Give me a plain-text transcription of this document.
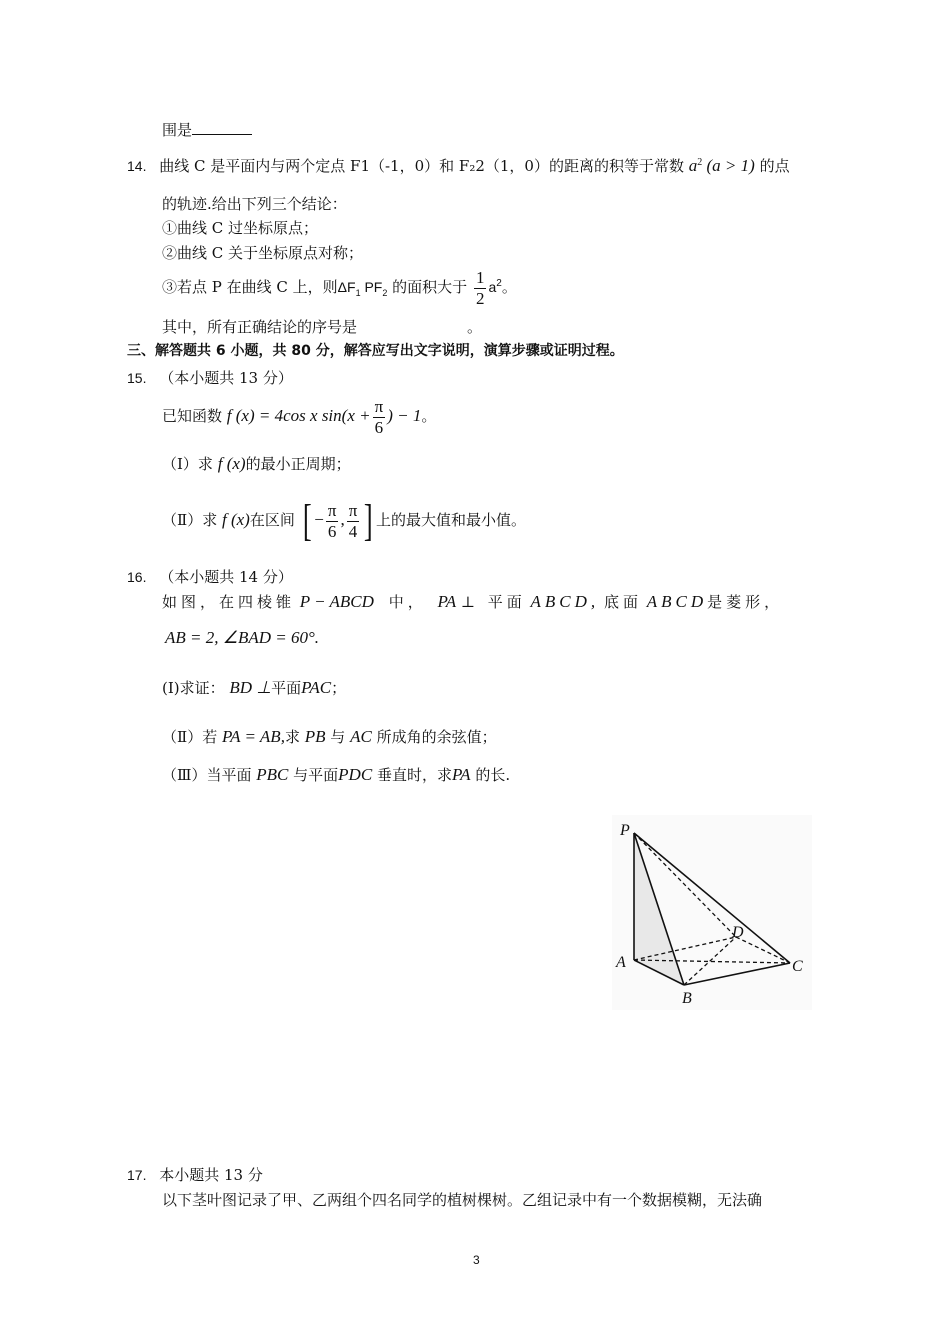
围是
14. 曲线 C 是平面内与两个定点 F1（-1，0）和 F₂2（1，0）的距离的积等于常数 $a^2$ (a > 1) 的点
的轨迹.给出下列三个结论：
①曲线 C 过坐标原点；
②曲线 C 关于坐标原点对称；
③若点 P 在曲线 C 上，则$\Delta F_1$ $PF_2$ 的面积大于 $\frac{1}{2} a^2$。
其中，所有正确结论的序号是	。
三、解答题共 6 小题，共 80 分，解答应写出文字说明，演算步骤或证明过程。
15. （本小题共 13 分）
已知函数 f (x) = 4cos x $\sin(x + \frac{\pi}{6}$ ) − 1。
（Ⅰ）求 f (x)的最小正周期；
（Ⅱ）求 f (x)在区间 [ − $\frac{\pi}{6}$ , $\frac{\pi}{4}$ ] 上的最大值和最小值。
16. （本小题共 14 分）
如图，在四棱锥 P − ABCD 中， PA ⊥ 平面 ABCD, 底面 ABCD是菱形，
AB = 2, ∠BAD = 60°.
(Ⅰ)求证： BD ⊥平面PAC；
（Ⅱ）若 PA = AB,求 PB 与 AC 所成角的余弦值；
（Ⅲ）当平面 PBC 与平面PDC 垂直时，求PA 的长.
P
A
B
C
D
17. 本小题共 13 分
以下茎叶图记录了甲、乙两组个四名同学的植树棵树。乙组记录中有一个数据模糊，无法确
3
